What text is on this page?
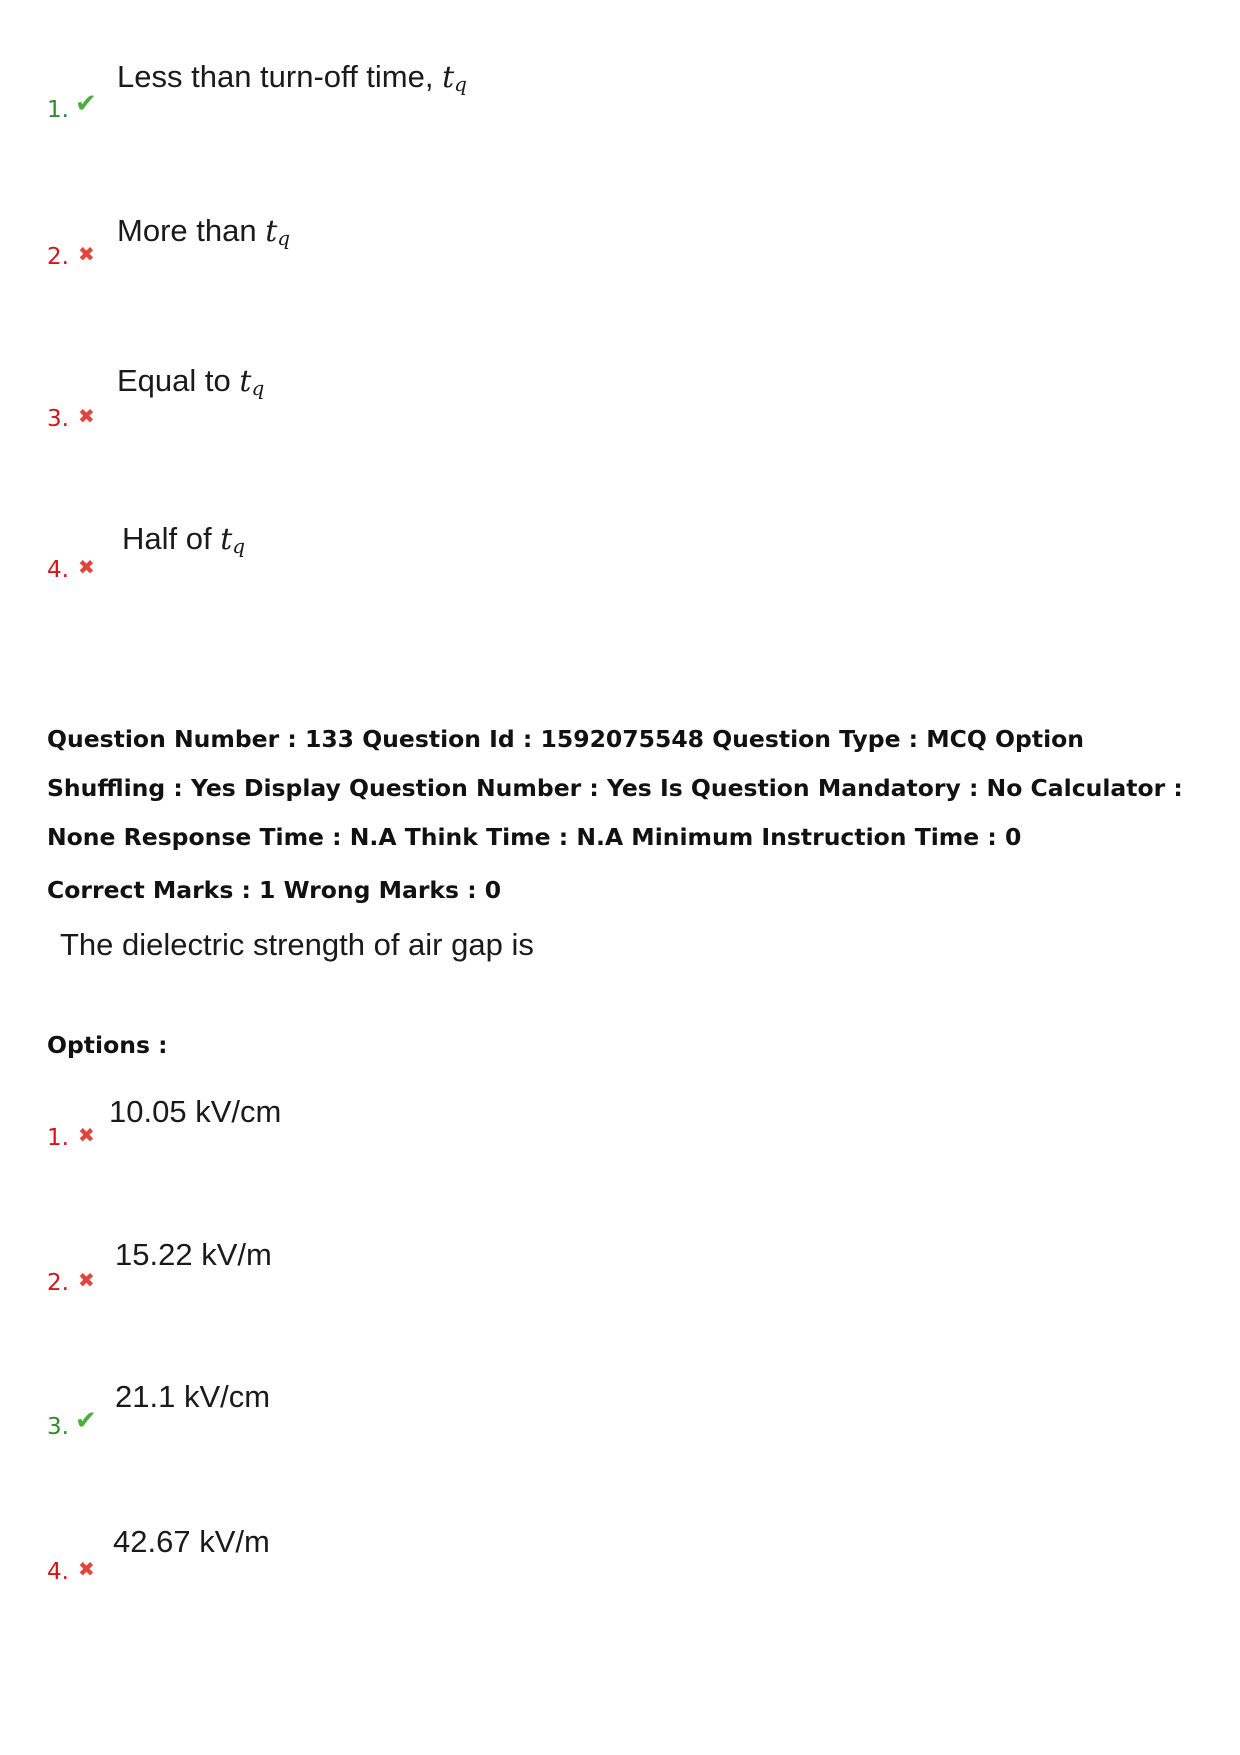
1. ✔
Less than turn-off time, $t_q$
2. ✖
More than $t_q$
3. ✖
Equal to $t_q$
4. ✖
Half of $t_q$
Question Number : 133 Question Id : 1592075548 Question Type : MCQ Option Shuffling : Yes Display Question Number : Yes Is Question Mandatory : No Calculator : None Response Time : N.A Think Time : N.A Minimum Instruction Time : 0
Correct Marks : 1 Wrong Marks : 0
The dielectric strength of air gap is
Options :
1. ✖
10.05 kV/cm
2. ✖
15.22 kV/m
3. ✔
21.1 kV/cm
4. ✖
42.67 kV/m
